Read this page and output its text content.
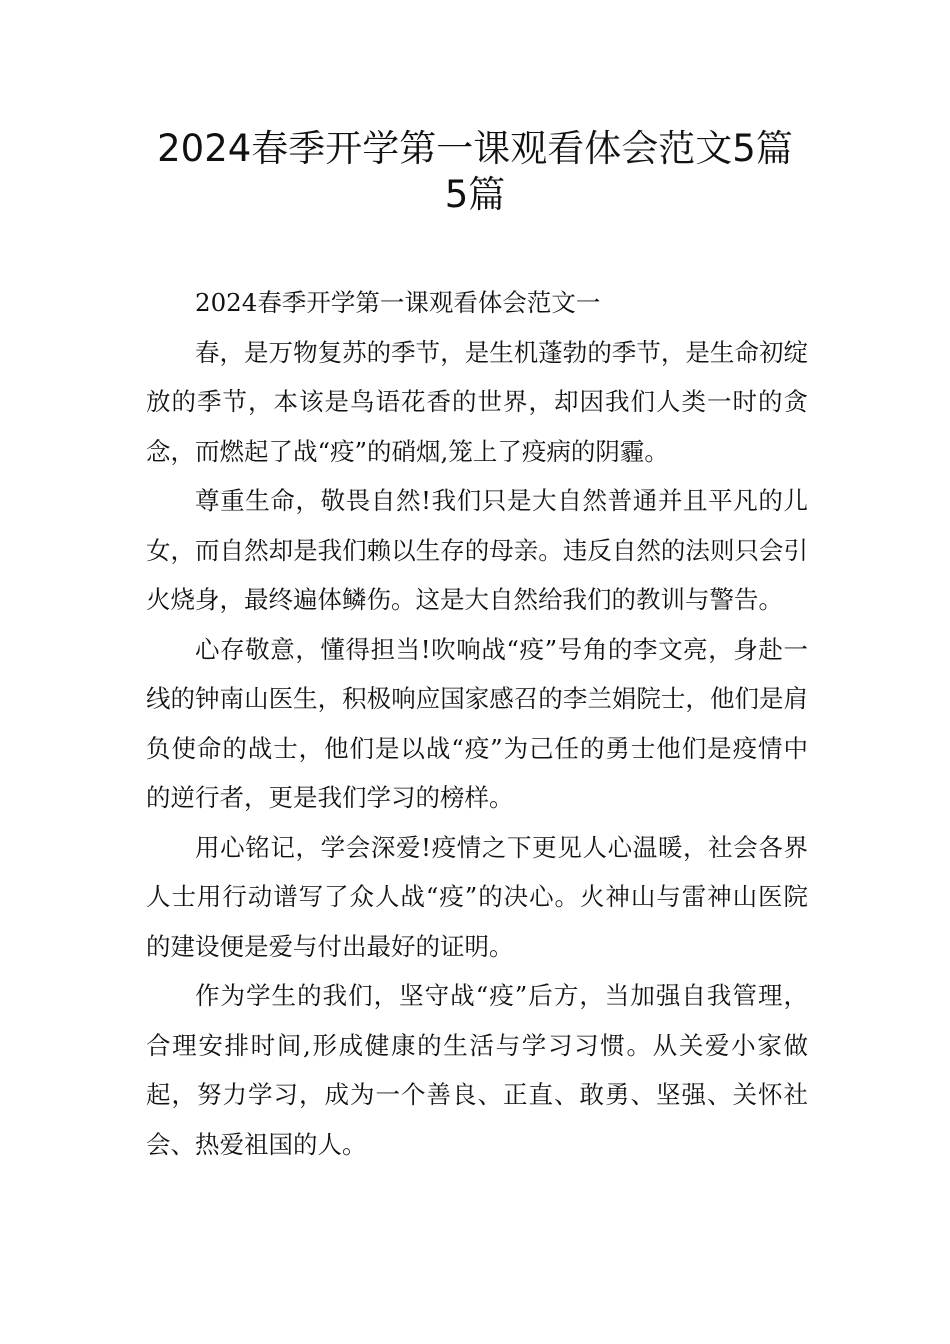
2024春季开学第一课观看体会范文5篇
5篇

2024春季开学第一课观看体会范文一

春，是万物复苏的季节，是生机蓬勃的季节，是生命初绽放的季节，本该是鸟语花香的世界，却因我们人类一时的贪念，而燃起了战“疫”的硝烟,笼上了疫病的阴霾。

尊重生命，敬畏自然!我们只是大自然普通并且平凡的儿女，而自然却是我们赖以生存的母亲。违反自然的法则只会引火烧身，最终遍体鳞伤。这是大自然给我们的教训与警告。

心存敬意，懂得担当!吹响战“疫”号角的李文亮，身赴一线的钟南山医生，积极响应国家感召的李兰娟院士，他们是肩负使命的战士，他们是以战“疫”为己任的勇士他们是疫情中的逆行者，更是我们学习的榜样。

用心铭记，学会深爱!疫情之下更见人心温暖，社会各界人士用行动谱写了众人战“疫”的决心。火神山与雷神山医院的建设便是爱与付出最好的证明。

作为学生的我们，坚守战“疫”后方，当加强自我管理，合理安排时间,形成健康的生活与学习习惯。从关爱小家做起，努力学习，成为一个善良、正直、敢勇、坚强、关怀社会、热爱祖国的人。
